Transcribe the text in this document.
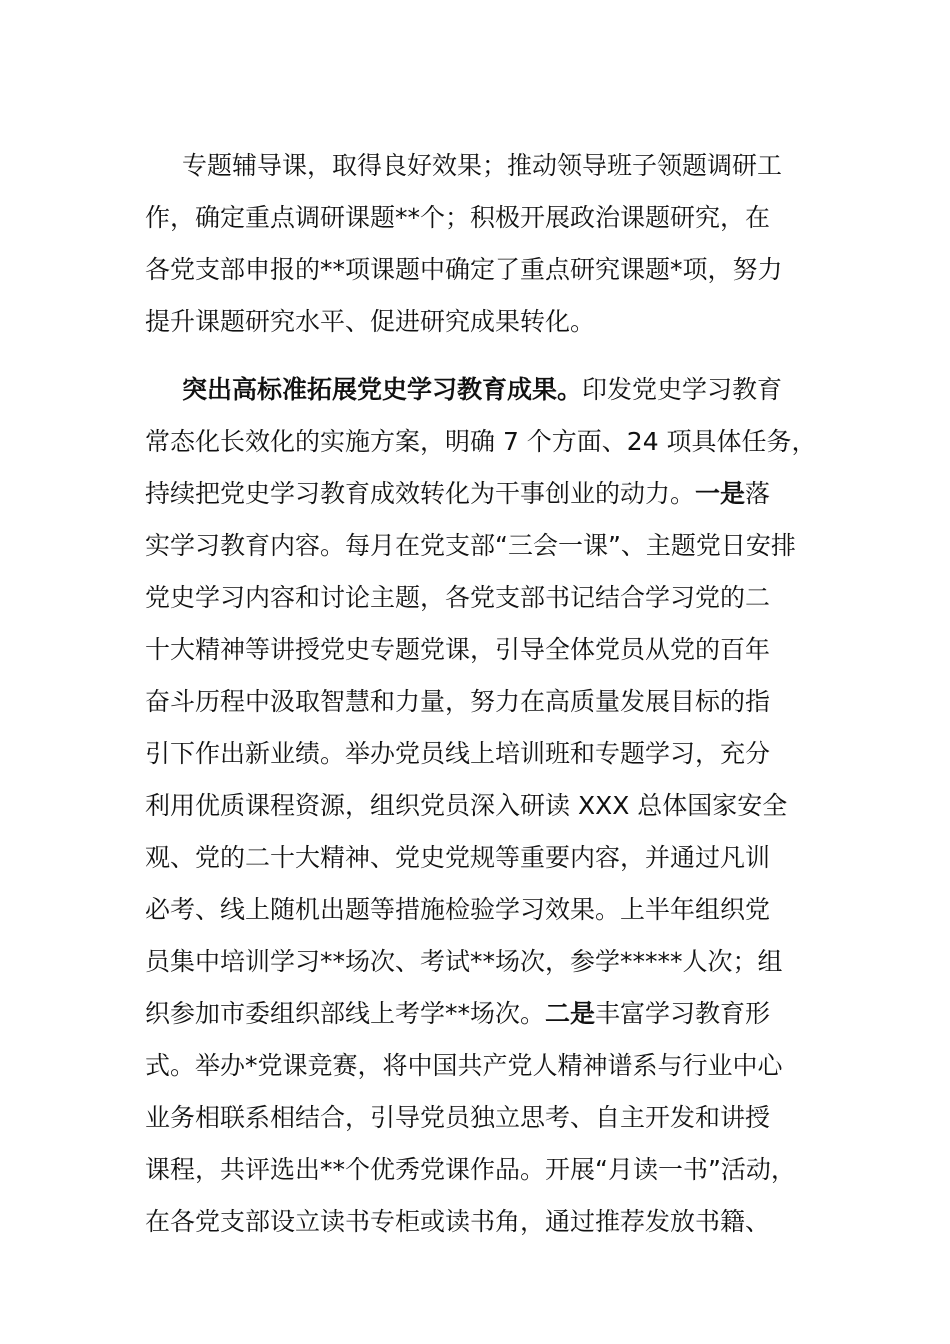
专题辅导课，取得良好效果；推动领导班子领题调研工
作，确定重点调研课题**个；积极开展政治课题研究，在
各党支部申报的**项课题中确定了重点研究课题*项，努力
提升课题研究水平、促进研究成果转化。
突出高标准拓展党史学习教育成果。印发党史学习教育
常态化长效化的实施方案，明确 7 个方面、24 项具体任务，
持续把党史学习教育成效转化为干事创业的动力。一是落
实学习教育内容。每月在党支部“三会一课”、主题党日安排
党史学习内容和讨论主题，各党支部书记结合学习党的二
十大精神等讲授党史专题党课，引导全体党员从党的百年
奋斗历程中汲取智慧和力量，努力在高质量发展目标的指
引下作出新业绩。举办党员线上培训班和专题学习，充分
利用优质课程资源，组织党员深入研读 XXX 总体国家安全
观、党的二十大精神、党史党规等重要内容，并通过凡训
必考、线上随机出题等措施检验学习效果。上半年组织党
员集中培训学习**场次、考试**场次，参学*****人次；组
织参加市委组织部线上考学**场次。二是丰富学习教育形
式。举办*党课竞赛，将中国共产党人精神谱系与行业中心
业务相联系相结合，引导党员独立思考、自主开发和讲授
课程，共评选出**个优秀党课作品。开展“月读一书”活动，
在各党支部设立读书专柜或读书角，通过推荐发放书籍、
